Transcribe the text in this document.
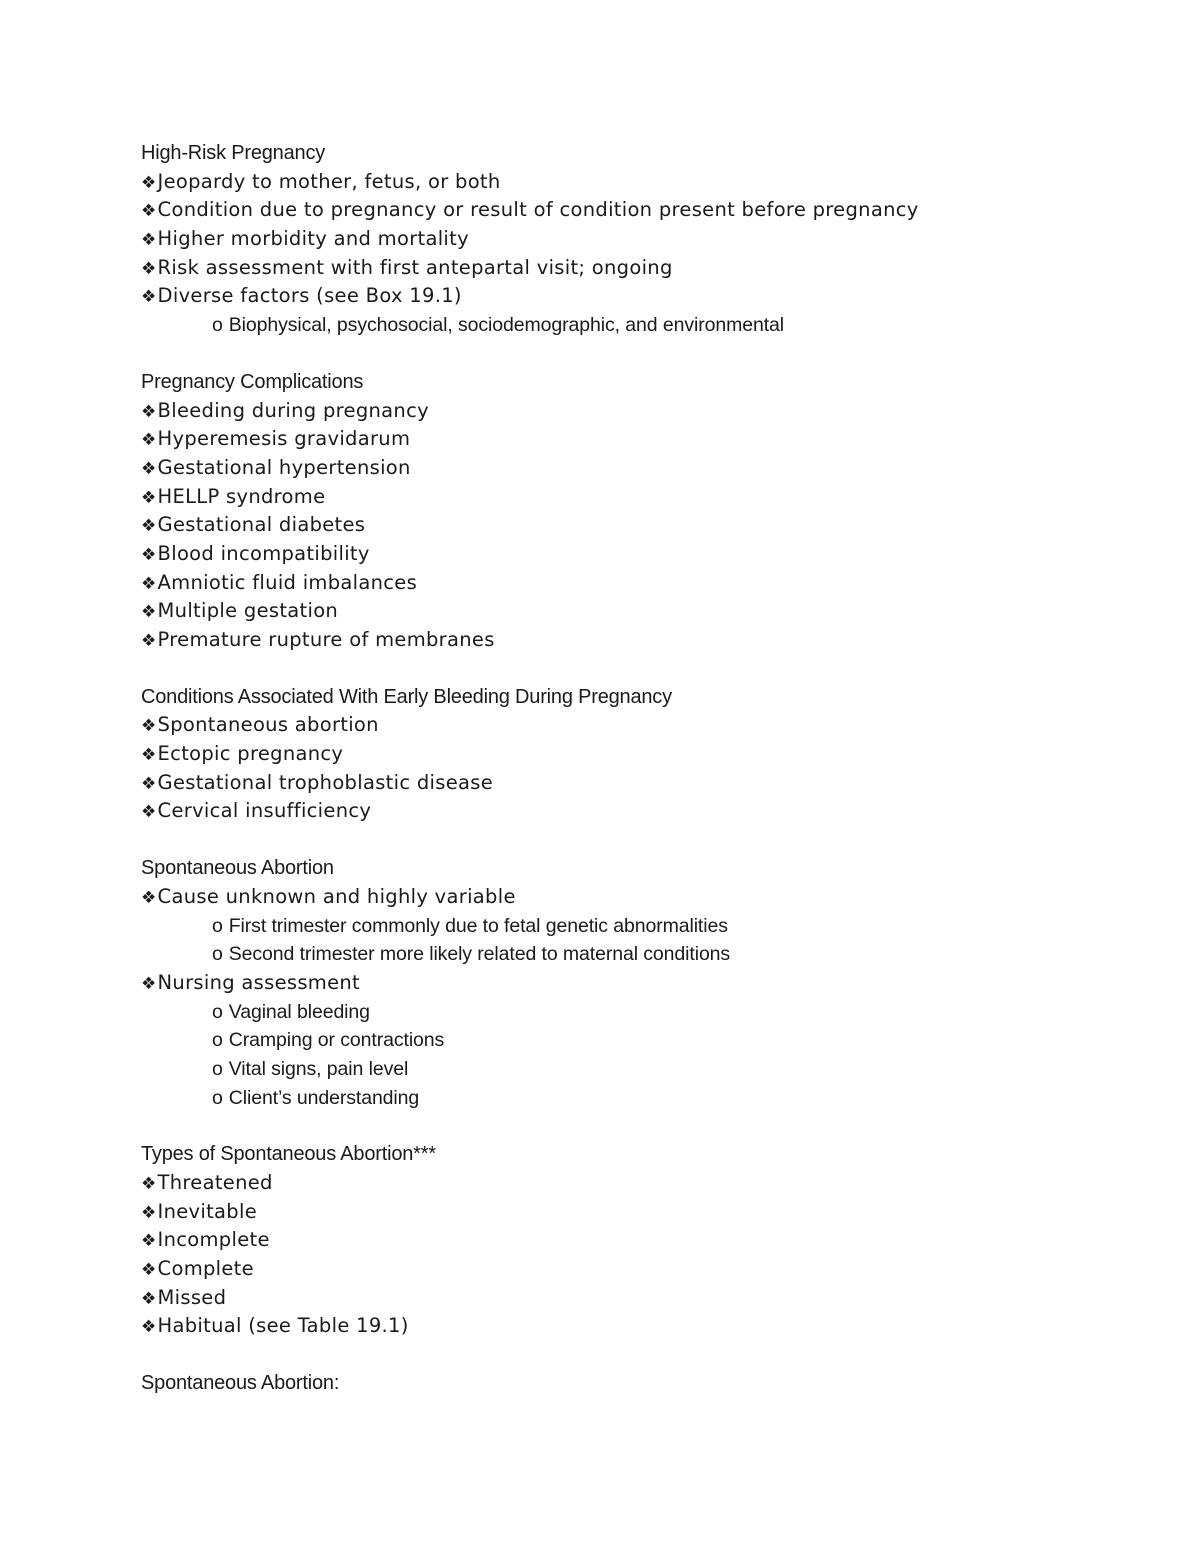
High-Risk Pregnancy
❖Jeopardy to mother, fetus, or both
❖Condition due to pregnancy or result of condition present before pregnancy
❖Higher morbidity and mortality
❖Risk assessment with first antepartal visit; ongoing
❖Diverse factors (see Box 19.1)
o Biophysical, psychosocial, sociodemographic, and environmental
Pregnancy Complications
❖Bleeding during pregnancy
❖Hyperemesis gravidarum
❖Gestational hypertension
❖HELLP syndrome
❖Gestational diabetes
❖Blood incompatibility
❖Amniotic fluid imbalances
❖Multiple gestation
❖Premature rupture of membranes
Conditions Associated With Early Bleeding During Pregnancy
❖Spontaneous abortion
❖Ectopic pregnancy
❖Gestational trophoblastic disease
❖Cervical insufficiency
Spontaneous Abortion
❖Cause unknown and highly variable
o First trimester commonly due to fetal genetic abnormalities
o Second trimester more likely related to maternal conditions
❖Nursing assessment
o Vaginal bleeding
o Cramping or contractions
o Vital signs, pain level
o Client’s understanding
Types of Spontaneous Abortion***
❖Threatened
❖Inevitable
❖Incomplete
❖Complete
❖Missed
❖Habitual (see Table 19.1)
Spontaneous Abortion:
